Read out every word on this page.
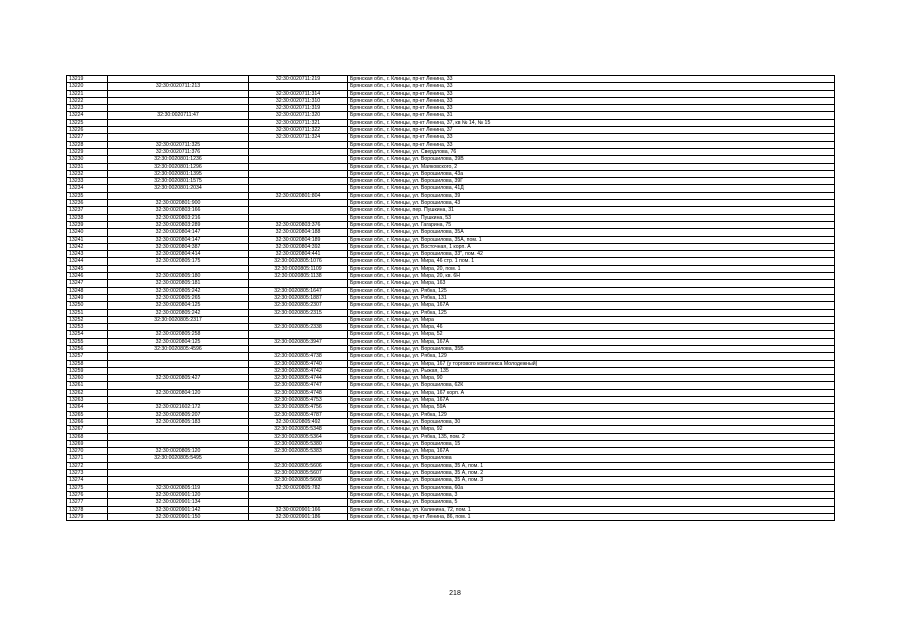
13219		32:30:0020711:219	Брянская обл., г. Клинцы, пр-кт Ленина, 33
13220	32:30:0020711:213		Брянская обл., г. Клинцы, пр-кт Ленина, 33
13221		32:30:0020711:314	Брянская обл., г. Клинцы, пр-кт Ленина, 33
13222		32:30:0020711:310	Брянская обл., г. Клинцы, пр-кт Ленина, 33
13223		32:30:0020711:319	Брянская обл., г. Клинцы, пр-кт Ленина, 33
13224	32:30:0020711:47	32:30:0020711:320	Брянская обл., г. Клинцы, пр-кт Ленина, 31
13225		32:30:0020711:321	Брянская обл., г. Клинцы, пр-кт Ленина, 37, кв № 14, № 15
13226		32:30:0020711:322	Брянская обл., г. Клинцы, пр-кт Ленина, 37
13227		32:30:0020711:324	Брянская обл., г. Клинцы, пр-кт Ленина, 33
13228	32:30:0020711:325		Брянская обл., г. Клинцы, пр-кт Ленина, 33
13229	32:30:0020711:376		Брянская обл., г. Клинцы, ул. Свердлова, 76
13230	32:30:0020801:1236		Брянская обл., г. Клинцы, ул. Ворошилова, 39В
13231	32:30:0020801:1296		Брянская обл., г. Клинцы, ул. Маяковского, 2
13232	32:30:0020801:1395		Брянская обл., г. Клинцы, ул. Ворошилова, 43а
13233	32:30:0020801:1575		Брянская обл., г. Клинцы, ул. Ворошилова, 39Г
13234	32:30:0020801:2034		Брянская обл., г. Клинцы, ул. Ворошилова, 41Д
13235		32:30:0020801:804	Брянская обл., г. Клинцы, ул. Ворошилова, 39
13236	32:30:0020801:900		Брянская обл., г. Клинцы, ул. Ворошилова, 43
13237	32:30:0020803:166		Брянская обл., г. Клинцы, пер. Пушкина, 31
13238	32:30:0020803:216		Брянская обл., г. Клинцы, ул. Пушкина, 53
13239	32:30:0020803:289	32:30:0020803:376	Брянская обл., г. Клинцы, ул. Гагарина, 75
13240	32:30:0020804:147	32:30:0020804:188	Брянская обл., г. Клинцы, ул. Ворошилова, 35А
13241	32:30:0020804:147	32:30:0020804:189	Брянская обл., г. Клинцы, ул. Ворошилова, 35А, пом. 1
13242	32:30:0020804:387	32:30:0020804:392	Брянская обл., г. Клинцы, ул. Восточная, 1 корп. А
13243	32:30:0020804:414	32:30:0020804:441	Брянская обл., г. Клинцы, ул. Ворошилова, 33", пом. 42
13244	32:30:0020805:175	32:30:0020805:1076	Брянская обл., г. Клинцы, ул. Мира, 46 стр. 1 пом. 1
13245		32:30:0020805:1109	Брянская обл., г. Клинцы, ул. Мира, 20, пом. 1
13246	32:30:0020805:180	32:30:0020805:1138	Брянская обл., г. Клинцы, ул. Мира, 20, кв. 6Н
13247	32:30:0020805:181		Брянская обл., г. Клинцы, ул. Мира, 163
13248	32:30:0020805:242	32:30:0020805:1647	Брянская обл., г. Клинцы, ул. Рябка, 125
13249	32:30:0020805:265	32:30:0020805:1887	Брянская обл., г. Клинцы, ул. Рябка, 131
13250	32:30:0020804:125	32:30:0020805:2307	Брянская обл., г. Клинцы, ул. Мира, 167А
13251	32:30:0020805:242	32:30:0020805:2315	Брянская обл., г. Клинцы, ул. Рябка, 125
13252	32:30:0020805:2317		Брянская обл., г. Клинцы, ул. Мира
13253		32:30:0020805:2338	Брянская обл., г. Клинцы, ул. Мира, 46
13254	32:30:0020805:258		Брянская обл., г. Клинцы, ул. Мира, 52
13255	32:30:0020804:125	32:30:0020805:3947	Брянская обл., г. Клинцы, ул. Мира, 167А
13256	32:30:0020805:4596		Брянская обл., г. Клинцы, ул. Ворошилова, 35Б
13257		32:30:0020805:4738	Брянская обл., г. Клинцы, ул. Рябка, 129
13258		32:30:0020805:4740	Брянская обл., г. Клинцы, ул. Мира, 167 (у торгового комплекса Молодежный)
13259		32:30:0020805:4742	Брянская обл., г. Клинцы, ул. Рыжая, 135
13260	32:30:0020805:427	32:30:0020805:4744	Брянская обл., г. Клинцы, ул. Мира, 90
13261		32:30:0020805:4747	Брянская обл., г. Клинцы, ул. Ворошилова, 62К
13262	32:30:0020804:120	32:30:0020805:4748	Брянская обл., г. Клинцы, ул. Мира, 167 корп. А
13263		32:30:0020805:4753	Брянская обл., г. Клинцы, ул. Мира, 167А
13264	32:30:0021602:172	32:30:0020805:4756	Брянская обл., г. Клинцы, ул. Мира, 59А
13265	32:30:0020805:207	32:30:0020805:4787	Брянская обл., г. Клинцы, ул. Рябка, 129
13266	32:30:0020805:183	32:30:0020805:492	Брянская обл., г. Клинцы, ул. Ворошилова, 30
13267		32:30:0020805:5348	Брянская обл., г. Клинцы, ул. Мира, 92
13268		32:30:0020805:5364	Брянская обл., г. Клинцы, ул. Рябка, 135, пом. 2
13269		32:30:0020805:5380	Брянская обл., г. Клинцы, ул. Ворошилова, 15
13270	32:30:0020805:120	32:30:0020805:5383	Брянская обл., г. Клинцы, ул. Мира, 167А
13271	32:30:0020805:5495		Брянская обл., г. Клинцы, ул. Ворошилова
13272		32:30:0020805:5606	Брянская обл., г. Клинцы, ул. Ворошилова, 35 А, пом. 1
13273		32:30:0020805:5607	Брянская обл., г. Клинцы, ул. Ворошилова, 35 А, пом. 2
13274		32:30:0020805:5608	Брянская обл., г. Клинцы, ул. Ворошилова, 35 А, пом. 3
13275	32:30:0020805:119	32:30:0020805:782	Брянская обл., г. Клинцы, ул. Ворошилова, 60а
13276	32:30:0020901:120		Брянская обл., г. Клинцы, ул. Ворошилова, 3
13277	32:30:0020901:134		Брянская обл., г. Клинцы, ул. Ворошилова, 5
13278	32:30:0020901:142	32:30:0020901:166	Брянская обл., г. Клинцы, ул. Калинина, 72, пом. 1
13279	32:30:0020901:150	32:30:0020901:186	Брянская обл., г. Клинцы, пр-кт Ленина, 86, пом. 1
218
